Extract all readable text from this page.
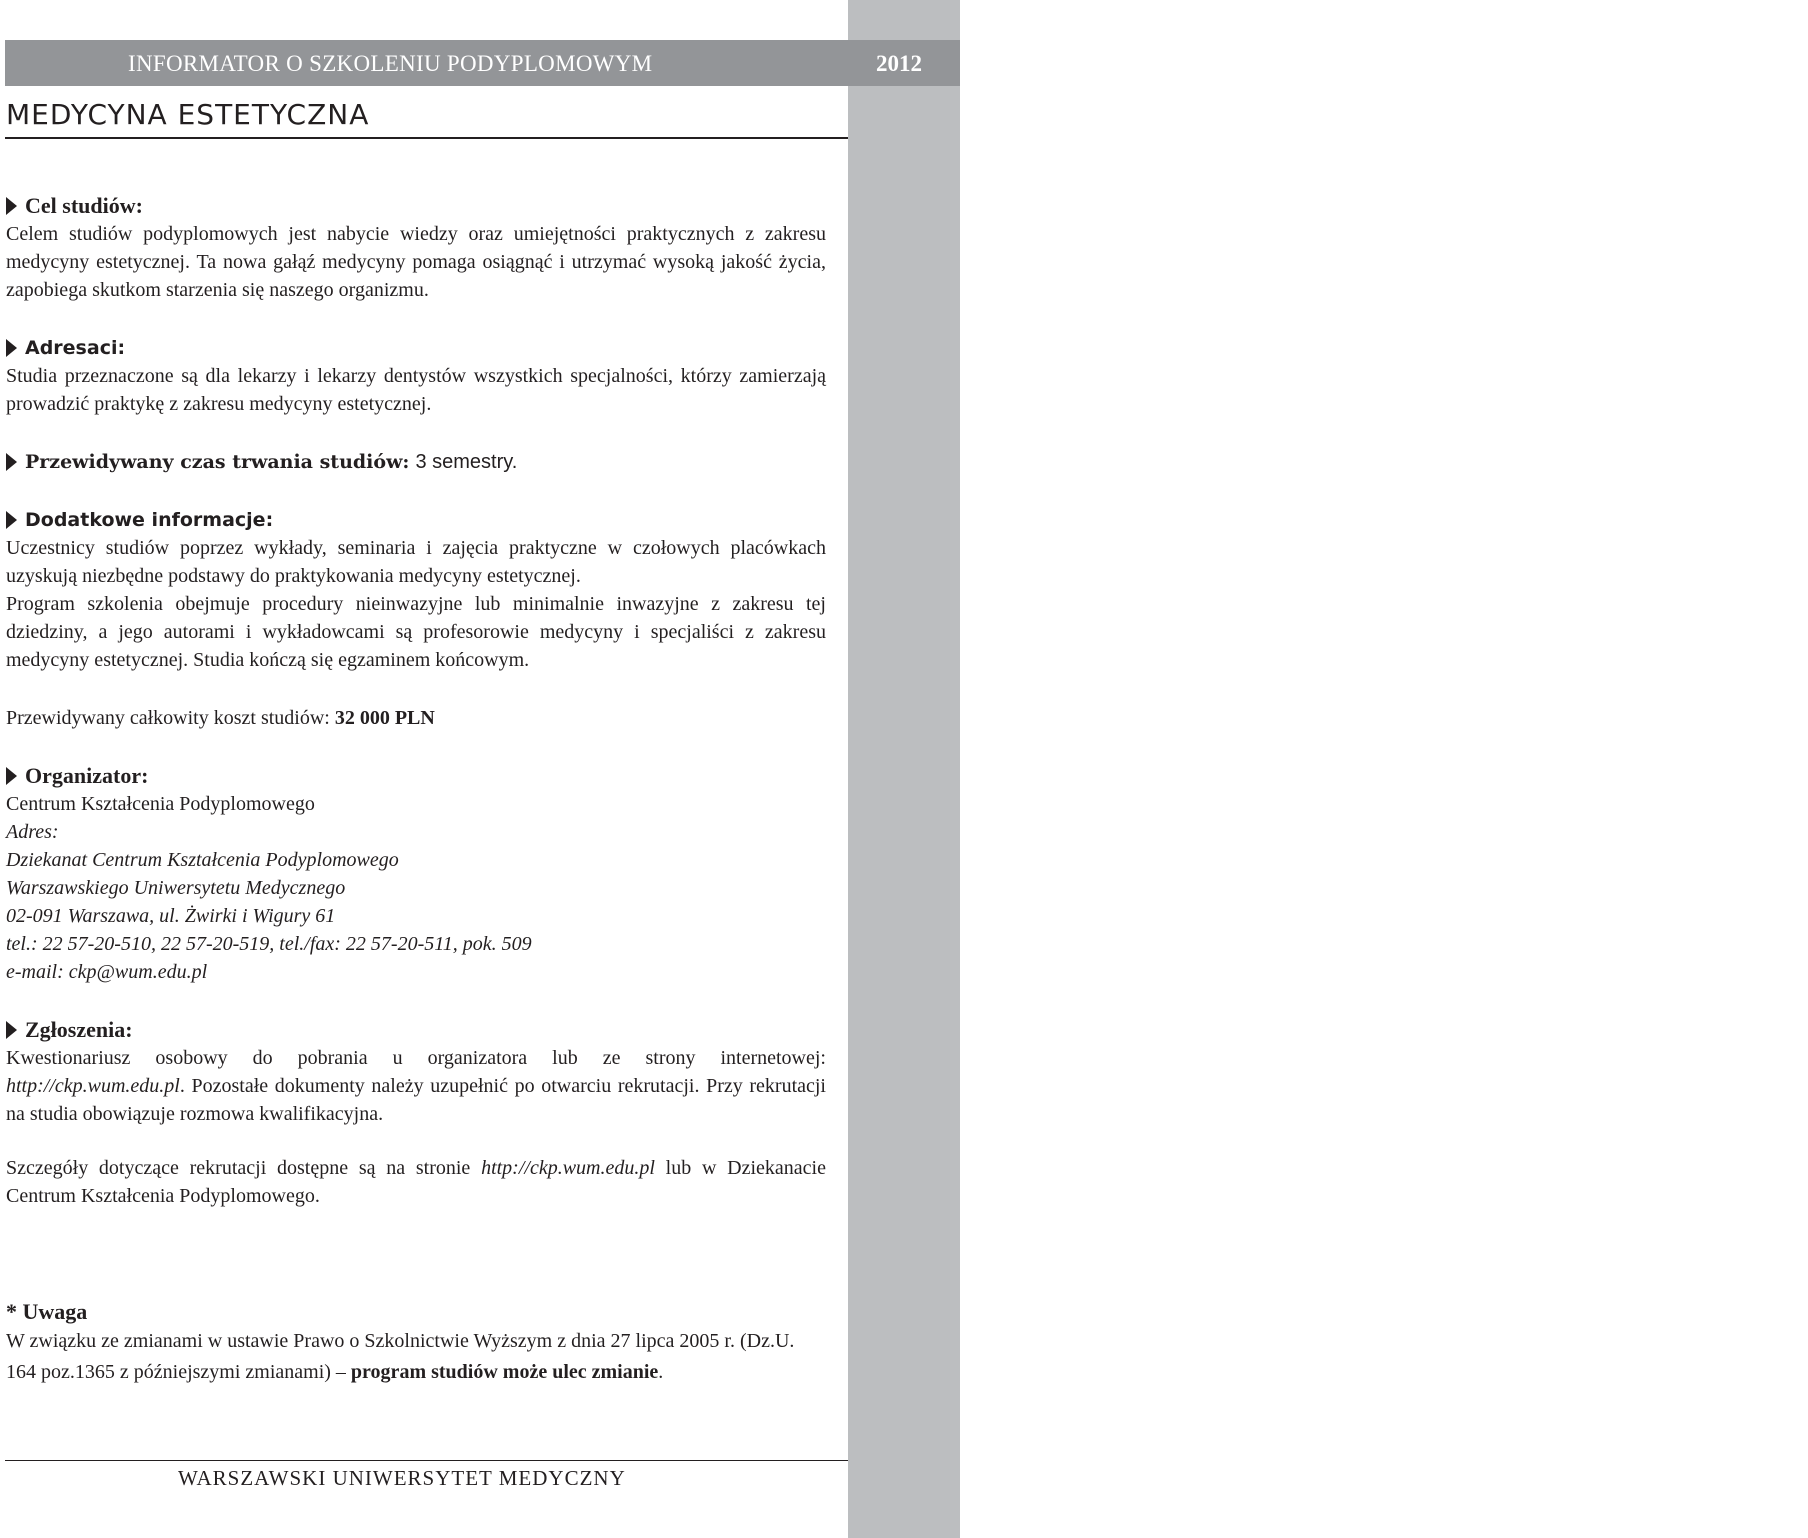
Medycyna Estetyczna
11
INFORMATOR O SZKOLENIU PODYPLOMOWYM	2012
MEDYCYNA ESTETYCZNA
Cel studiów:

Celem studiów podyplomowych jest nabycie wiedzy oraz umiejętności praktycznych z zakresu medycyny estetycznej. Ta nowa gałąź medycyny pomaga osiągnąć i utrzymać wysoką jakość życia, zapobiega skutkom starzenia się naszego organizmu.

Adresaci:

Studia przeznaczone są dla lekarzy i lekarzy dentystów wszystkich specjalności, którzy zamierzają prowadzić praktykę z zakresu medycyny estetycznej.

Przewidywany czas trwania studiów: 3 semestry.
Dodatkowe informacje:

Uczestnicy studiów poprzez wykłady, seminaria i zajęcia praktyczne w czołowych placówkach uzyskują niezbędne podstawy do praktykowania medycyny estetycznej.

Program szkolenia obejmuje procedury nieinwazyjne lub minimalnie inwazyjne z zakresu tej dziedziny, a jego autorami i wykładowcami są profesorowie medycyny i specjaliści z zakresu medycyny estetycznej. Studia kończą się egzaminem końcowym.

Przewidywany całkowity koszt studiów: 32 000 PLN

Organizator:

Centrum Kształcenia Podyplomowego

Adres:

Dziekanat Centrum Kształcenia Podyplomowego

Warszawskiego Uniwersytetu Medycznego

02-091 Warszawa, ul. Żwirki i Wigury 61

tel.: 22 57-20-510, 22 57-20-519, tel./fax: 22 57-20-511, pok. 509

e-mail: ckp@wum.edu.pl

Zgłoszenia:

Kwestionariusz osobowy do pobrania u organizatora lub ze strony internetowej: http://ckp.wum.edu.pl. Pozostałe dokumenty należy uzupełnić po otwarciu rekrutacji. Przy rekrutacji na studia obowiązuje rozmowa kwalifikacyjna.

Szczegóły dotyczące rekrutacji dostępne są na stronie http://ckp.wum.edu.pl lub w Dziekanacie Centrum Kształcenia Podyplomowego.

* Uwaga

W związku ze zmianami w ustawie Prawo o Szkolnictwie Wyższym z dnia 27 lipca 2005 r. (Dz.U. 164 poz.1365 z późniejszymi zmianami) – program studiów może ulec zmianie.

WARSZAWSKI UNIWERSYTET MEDYCZNY
